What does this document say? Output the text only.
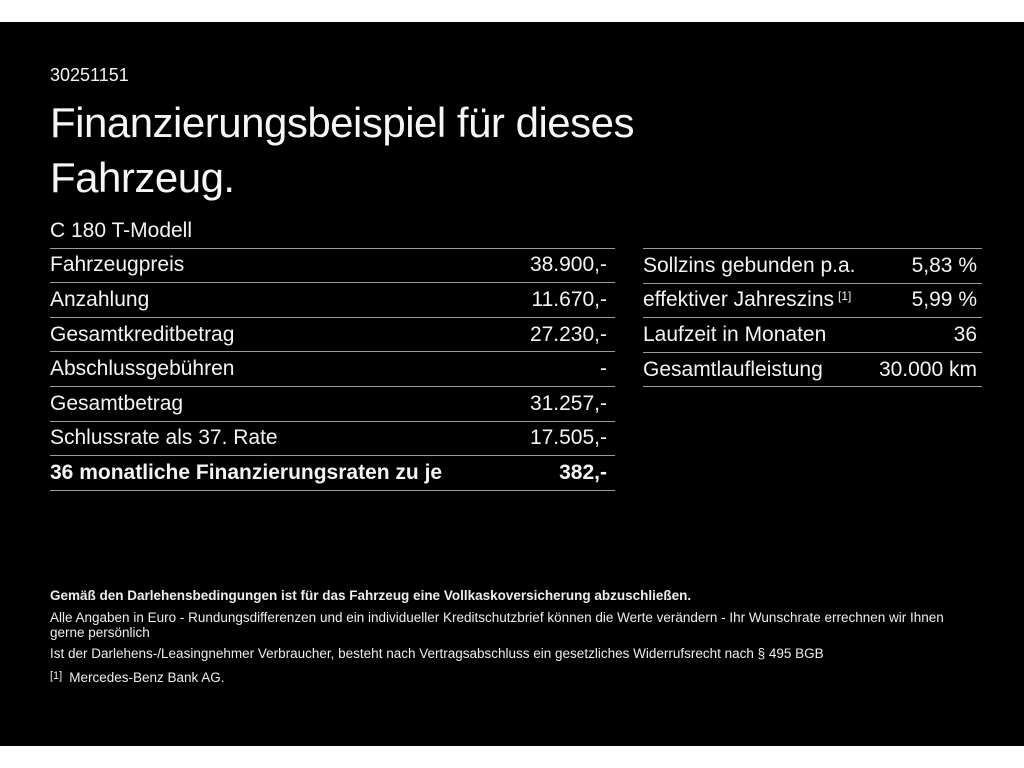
30251151
Finanzierungsbeispiel für dieses Fahrzeug.
C 180 T-Modell
Fahrzeugpreis	38.900,-
Anzahlung	11.670,-
Gesamtkreditbetrag	27.230,-
Abschlussgebühren	-
Gesamtbetrag	31.257,-
Schlussrate als 37. Rate	17.505,-
36 monatliche Finanzierungsraten zu je	382,-
Sollzins gebunden p.a.	5,83 %
effektiver Jahreszins [1]	5,99 %
Laufzeit in Monaten	36
Gesamtlaufleistung	30.000 km

Gemäß den Darlehensbedingungen ist für das Fahrzeug eine Vollkaskoversicherung abzuschließen.

Alle Angaben in Euro - Rundungsdifferenzen und ein individueller Kreditschutzbrief können die Werte verändern - Ihr Wunschrate errechnen wir Ihnen gerne persönlich

Ist der Darlehens-/Leasingnehmer Verbraucher, besteht nach Vertragsabschluss ein gesetzliches Widerrufsrecht nach § 495 BGB

[1] Mercedes-Benz Bank AG.
